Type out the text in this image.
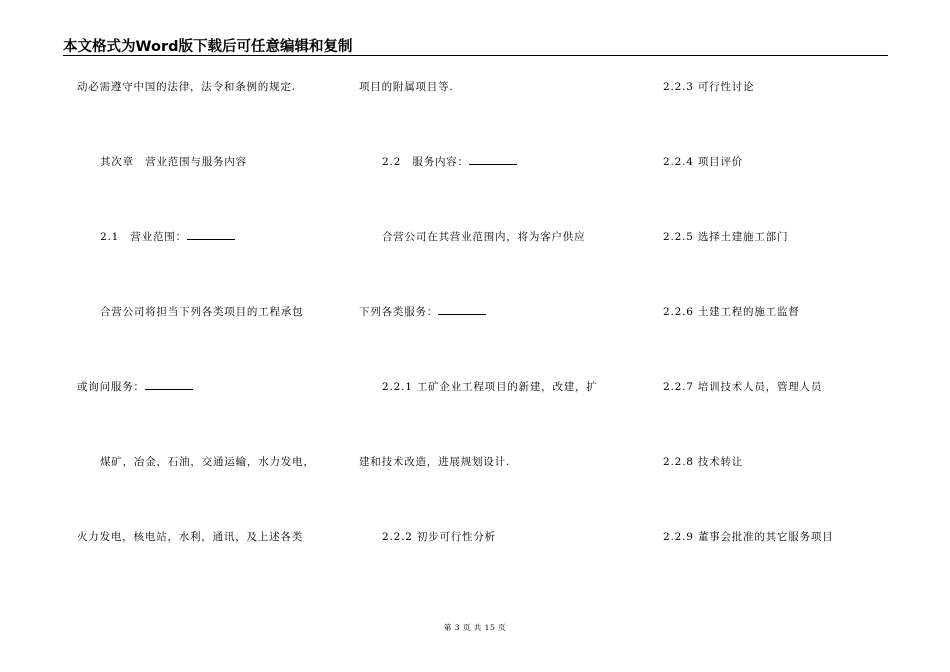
本文格式为Word版下载后可任意编辑和复制
动必需遵守中国的法律，法令和条例的规定.
其次章　营业范围与服务内容
2.1　营业范围：
合营公司将担当下列各类项目的工程承包
或询问服务：
煤矿，冶金，石油，交通运输，水力发电，
火力发电，核电站，水利，通讯，及上述各类
项目的附属项目等.
2.2　服务内容：
合营公司在其营业范围内，将为客户供应
下列各类服务：
2.2.1 工矿企业工程项目的新建，改建，扩
建和技术改造，进展规划设计.
2.2.2 初步可行性分析
2.2.3 可行性讨论
2.2.4 项目评价
2.2.5 选择土建施工部门
2.2.6 土建工程的施工监督
2.2.7 培训技术人员，管理人员
2.2.8 技术转让
2.2.9 董事会批准的其它服务项目
第 3 页 共 15 页
